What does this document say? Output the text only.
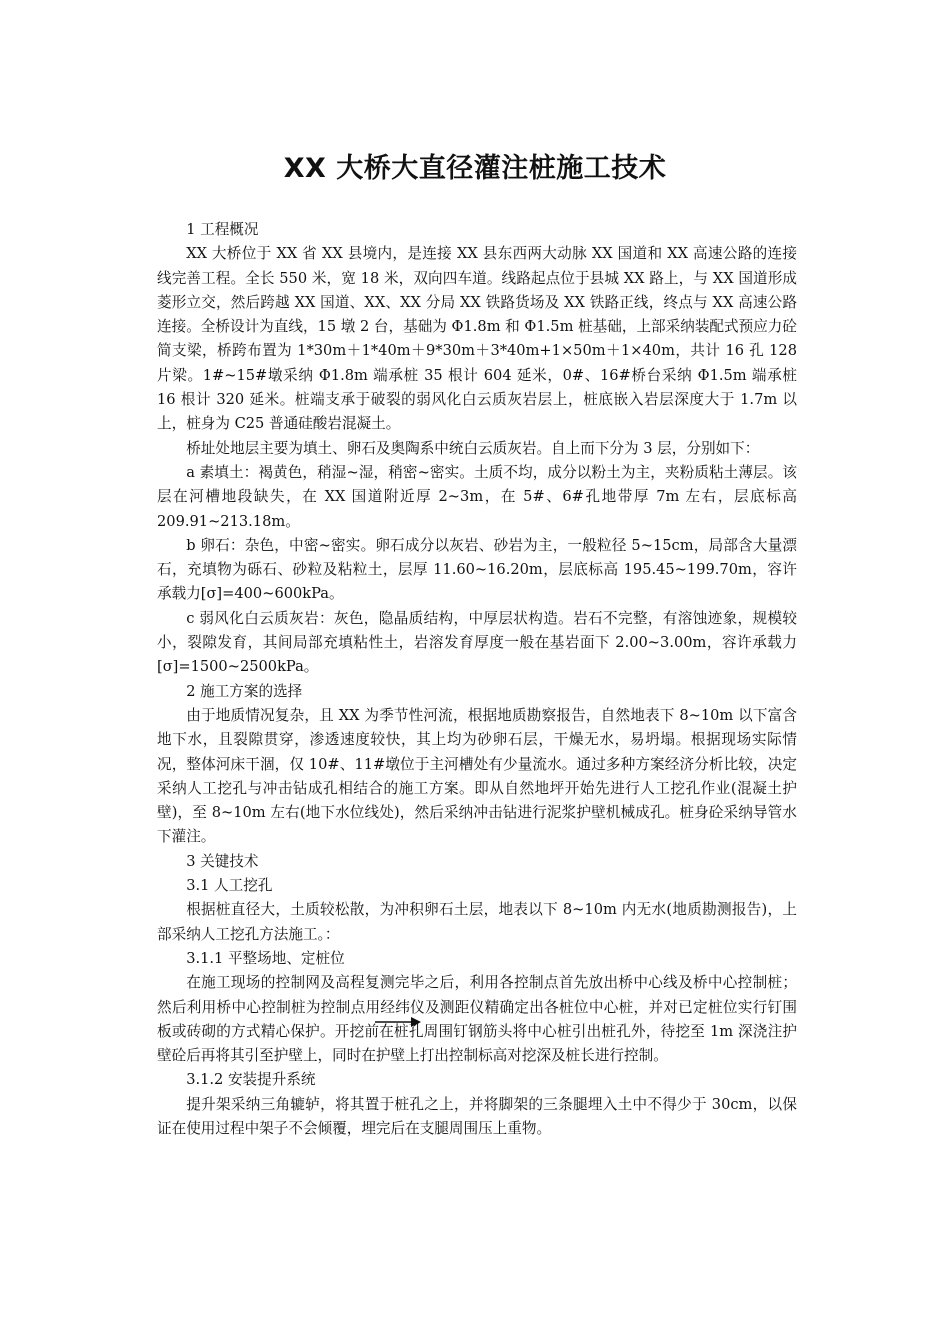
XX 大桥大直径灌注桩施工技术

1 工程概况

XX 大桥位于 XX 省 XX 县境内，是连接 XX 县东西两大动脉 XX 国道和 XX 高速公路的连接线完善工程。全长 550 米，宽 18 米，双向四车道。线路起点位于县城 XX 路上，与 XX 国道形成菱形立交，然后跨越 XX 国道、XX、XX 分局 XX 铁路货场及 XX 铁路正线，终点与 XX 高速公路连接。全桥设计为直线，15 墩 2 台，基础为 Φ1.8m 和 Φ1.5m 桩基础，上部采纳装配式预应力砼简支梁，桥跨布置为 1*30m＋1*40m＋9*30m＋3*40m+1×50m＋1×40m，共计 16 孔 128 片梁。1#~15#墩采纳 Φ1.8m 端承桩 35 根计 604 延米，0#、16#桥台采纳 Φ1.5m 端承桩 16 根计 320 延米。桩端支承于破裂的弱风化白云质灰岩层上，桩底嵌入岩层深度大于 1.7m 以上，桩身为 C25 普通硅酸岩混凝土。

桥址处地层主要为填土、卵石及奥陶系中统白云质灰岩。自上而下分为 3 层，分别如下：

a 素填土：褐黄色，稍湿~湿，稍密~密实。土质不均，成分以粉土为主，夹粉质粘土薄层。该层在河槽地段缺失，在 XX 国道附近厚 2~3m，在 5#、6#孔地带厚 7m 左右，层底标高 209.91~213.18m。

b 卵石：杂色，中密~密实。卵石成分以灰岩、砂岩为主，一般粒径 5~15cm，局部含大量漂石，充填物为砾石、砂粒及粘粒土，层厚 11.60~16.20m，层底标高 195.45~199.70m，容许承载力[σ]=400~600kPa。

c 弱风化白云质灰岩：灰色，隐晶质结构，中厚层状构造。岩石不完整，有溶蚀迹象，规模较小，裂隙发育，其间局部充填粘性土，岩溶发育厚度一般在基岩面下 2.00~3.00m，容许承载力[σ]=1500~2500kPa。

2 施工方案的选择

由于地质情况复杂，且 XX 为季节性河流，根据地质勘察报告，自然地表下 8~10m 以下富含地下水，且裂隙贯穿，渗透速度较快，其上均为砂卵石层，干燥无水，易坍塌。根据现场实际情况，整体河床干涸，仅 10#、11#墩位于主河槽处有少量流水。通过多种方案经济分析比较，决定采纳人工挖孔与冲击钻成孔相结合的施工方案。即从自然地坪开始先进行人工挖孔作业(混凝土护壁)，至 8~10m 左右(地下水位线处)，然后采纳冲击钻进行泥浆护壁机械成孔。桩身砼采纳导管水下灌注。

3 关键技术

3.1 人工挖孔

根据桩直径大，土质较松散，为冲积卵石土层，地表以下 8~10m 内无水(地质勘测报告)，上部采纳人工挖孔方法施工。：

3.1.1 平整场地、定桩位

在施工现场的控制网及高程复测完毕之后，利用各控制点首先放出桥中心线及桥中心控制桩；然后利用桥中心控制桩为控制点用经纬仪及测距仪精确定出各桩位中心桩，并对已定桩位实行钉围板或砖砌的方式精心保护。开挖前在桩孔周围钉钢筋头将中心桩引出桩孔外，待挖至 1m 深浇注护壁砼后再将其引至护壁上，同时在护壁上打出控制标高对挖深及桩长进行控制。

3.1.2 安装提升系统

提升架采纳三角辘轳，将其置于桩孔之上，并将脚架的三条腿埋入土中不得少于 30cm，以保证在使用过程中架子不会倾覆，埋完后在支腿周围压上重物。
